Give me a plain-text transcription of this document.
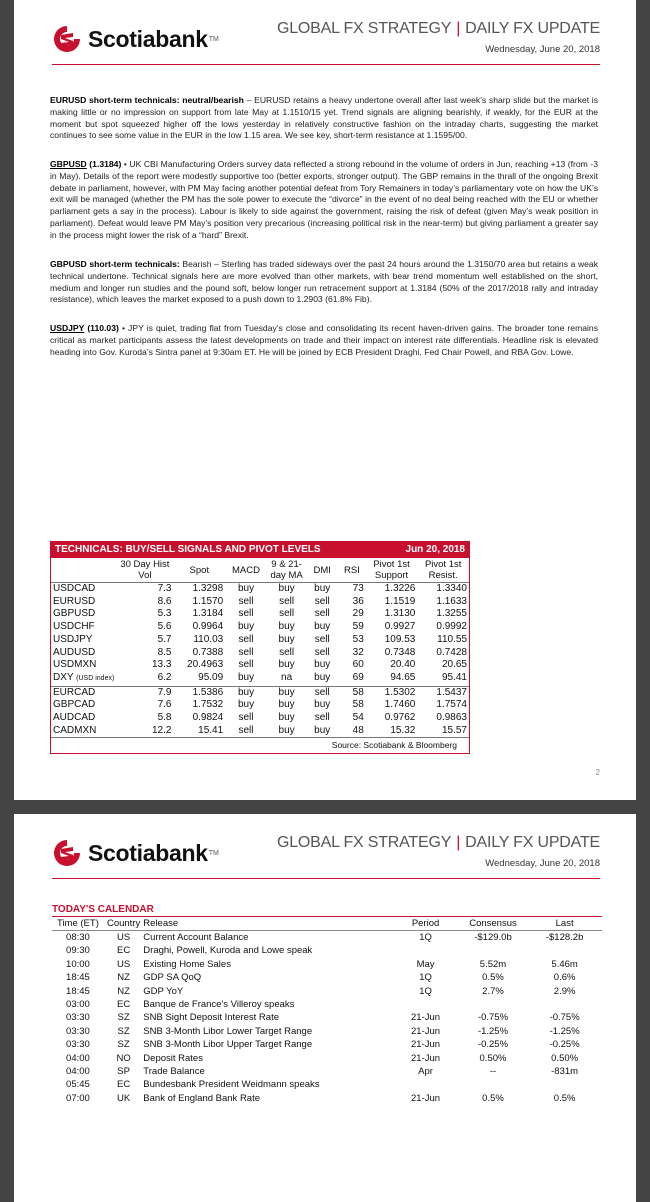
Scotiabank TM
GLOBAL FX STRATEGY | DAILY FX UPDATE
Wednesday, June 20, 2018

EURUSD short-term technicals: neutral/bearish – EURUSD retains a heavy undertone overall after last week’s sharp slide but the market is making little or no impression on support from late May at 1.1510/15 yet. Trend signals are aligning bearishly, if weakly, for the EUR at the moment but spot squeezed higher off the lows yesterday in relatively constructive fashion on the intraday charts, suggesting the market continues to see some value in the EUR in the low 1.15 area. We see key, short-term resistance at 1.1595/00.

GBPUSD (1.3184) • UK CBI Manufacturing Orders survey data reflected a strong rebound in the volume of orders in Jun, reaching +13 (from -3 in May). Details of the report were modestly supportive too (better exports, stronger output). The GBP remains in the thrall of the ongoing Brexit debate in parliament, however, with PM May facing another potential defeat from Tory Remainers in today’s parliamentary vote on how the UK’s exit will be managed (whether the PM has the sole power to execute the “divorce” in the event of no deal being reached with the EU or whether parliament gets a say in the process). Labour is likely to side against the government, raising the risk of defeat (given May’s weak position in parliament). Defeat would leave PM May’s position very precarious (increasing political risk in the near-term) but giving parliament a greater say in the process might lower the risk of a “hard” Brexit.

GBPUSD short-term technicals: Bearish – Sterling has traded sideways over the past 24 hours around the 1.3150/70 area but retains a weak technical undertone. Technical signals here are more evolved than other markets, with bear trend momentum well established on the short, medium and longer run studies and the pound soft, below longer run retracement support at 1.3184 (50% of the 2017/2018 rally and intraday resistance), which leaves the market exposed to a push down to 1.2903 (61.8% Fib).

USDJPY (110.03) • JPY is quiet, trading flat from Tuesday’s close and consolidating its recent haven-driven gains. The broader tone remains critical as market participants assess the latest developments on trade and their impact on interest rate differentials. Headline risk is elevated heading into Gov. Kuroda’s Sintra panel at 9:30am ET. He will be joined by ECB President Draghi, Fed Chair Powell, and RBA Gov. Lowe.

TECHNICALS: BUY/SELL SIGNALS AND PIVOT LEVELS	Jun 20, 2018
	30 Day Hist Vol	Spot	MACD	9 & 21-day MA	DMI	RSI	Pivot 1st Support	Pivot 1st Resist.
USDCAD	7.3	1.3298	buy	buy	buy	73	1.3226	1.3340
EURUSD	8.6	1.1570	sell	sell	sell	36	1.1519	1.1633
GBPUSD	5.3	1.3184	sell	sell	sell	29	1.3130	1.3255
USDCHF	5.6	0.9964	buy	buy	buy	59	0.9927	0.9992
USDJPY	5.7	110.03	sell	buy	sell	53	109.53	110.55
AUDUSD	8.5	0.7388	sell	sell	sell	32	0.7348	0.7428
USDMXN	13.3	20.4963	sell	buy	buy	60	20.40	20.65
DXY (USD index)	6.2	95.09	buy	na	buy	69	94.65	95.41
EURCAD	7.9	1.5386	buy	buy	sell	58	1.5302	1.5437
GBPCAD	7.6	1.7532	buy	buy	buy	58	1.7460	1.7574
AUDCAD	5.8	0.9824	sell	buy	sell	54	0.9762	0.9863
CADMXN	12.2	15.41	sell	buy	buy	48	15.32	15.57
Source: Scotiabank & Bloomberg
2
Scotiabank TM
GLOBAL FX STRATEGY | DAILY FX UPDATE
Wednesday, June 20, 2018
TODAY'S CALENDAR
Time (ET)	Country	Release	Period	Consensus	Last
08:30	US	Current Account Balance	1Q	-$129.0b	-$128.2b
09:30	EC	Draghi, Powell, Kuroda and Lowe speak			
10:00	US	Existing Home Sales	May	5.52m	5.46m
18:45	NZ	GDP SA QoQ	1Q	0.5%	0.6%
18:45	NZ	GDP YoY	1Q	2.7%	2.9%
03:00	EC	Banque de France's Villeroy speaks			
03:30	SZ	SNB Sight Deposit Interest Rate	21-Jun	-0.75%	-0.75%
03:30	SZ	SNB 3-Month Libor Lower Target Range	21-Jun	-1.25%	-1.25%
03:30	SZ	SNB 3-Month Libor Upper Target Range	21-Jun	-0.25%	-0.25%
04:00	NO	Deposit Rates	21-Jun	0.50%	0.50%
04:00	SP	Trade Balance	Apr	--	-831m
05:45	EC	Bundesbank President Weidmann speaks			
07:00	UK	Bank of England Bank Rate	21-Jun	0.5%	0.5%
